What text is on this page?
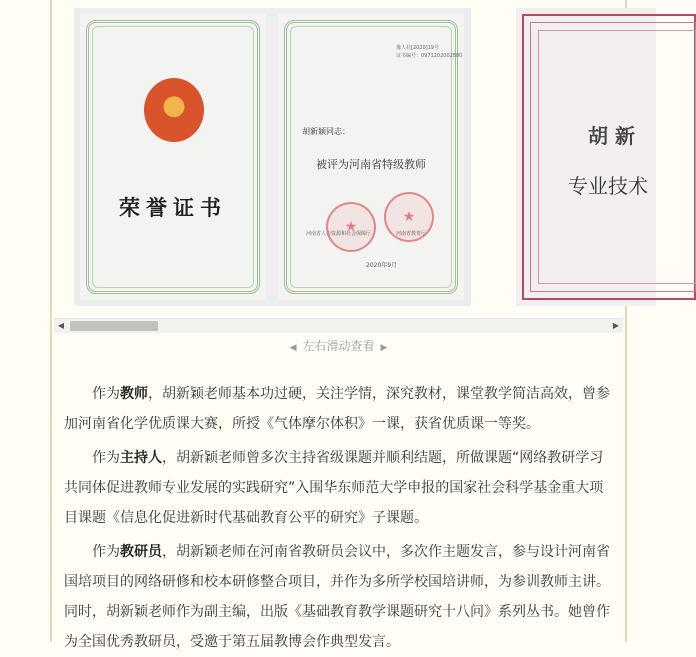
荣誉证书
豫人社[2020]19号
证书编号：0971202002880
胡新颖同志：
被评为河南省特级教师
★
★
河南省人力资源和社会保障厅	河南省教育厅
2020年9月
胡 新
专业技术
◀	▶
◀ 左右滑动查看 ▶

作为教师，胡新颖老师基本功过硬，关注学情，深究教材，课堂教学简洁高效，曾参加河南省化学优质课大赛，所授《气体摩尔体积》一课，获省优质课一等奖。

作为主持人，胡新颖老师曾多次主持省级课题并顺利结题，所做课题“网络教研学习共同体促进教师专业发展的实践研究”入围华东师范大学申报的国家社会科学基金重大项目课题《信息化促进新时代基础教育公平的研究》子课题。

作为教研员，胡新颖老师在河南省教研员会议中，多次作主题发言，参与设计河南省国培项目的网络研修和校本研修整合项目，并作为多所学校国培讲师，为参训教师主讲。同时，胡新颖老师作为副主编，出版《基础教育教学课题研究十八问》系列丛书。她曾作为全国优秀教研员，受邀于第五届教博会作典型发言。
